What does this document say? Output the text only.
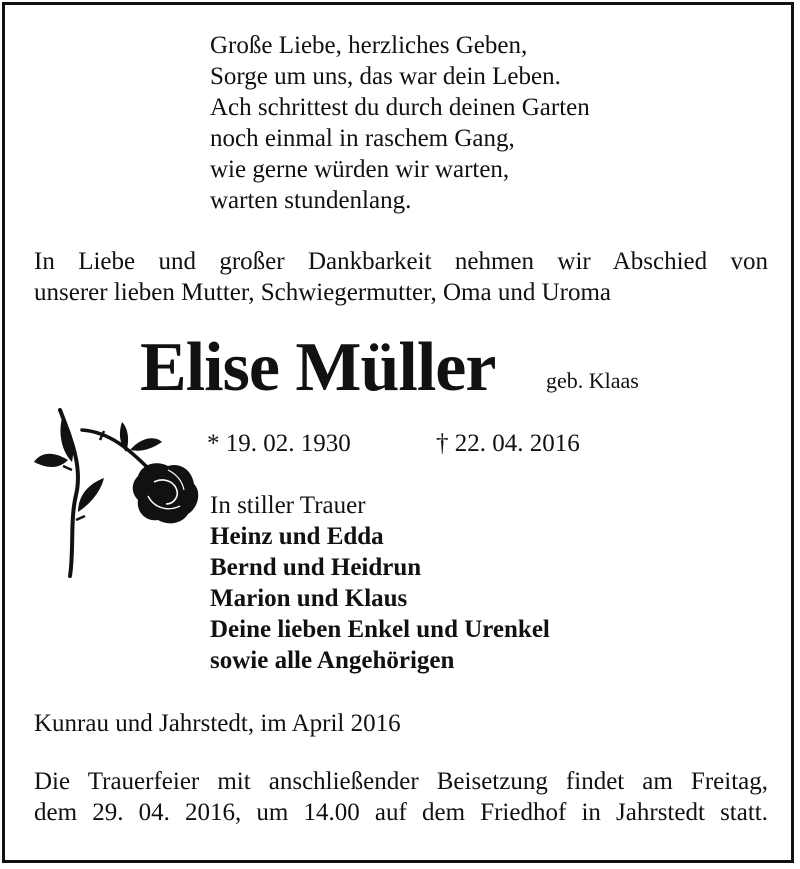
Große Liebe, herzliches Geben,
Sorge um uns, das war dein Leben.
Ach schrittest du durch deinen Garten
noch einmal in raschem Gang,
wie gerne würden wir warten,
warten stundenlang.
In Liebe und großer Dankbarkeit nehmen wir Abschied von
unserer lieben Mutter, Schwiegermutter, Oma und Uroma
Elise Müller geb. Klaas
* 19. 02. 1930	† 22. 04. 2016
In stiller Trauer
Heinz und Edda
Bernd und Heidrun
Marion und Klaus
Deine lieben Enkel und Urenkel
sowie alle Angehörigen
Kunrau und Jahrstedt, im April 2016
Die Trauerfeier mit anschließender Beisetzung findet am Freitag,
dem 29. 04. 2016, um 14.00 auf dem Friedhof in Jahrstedt statt.
